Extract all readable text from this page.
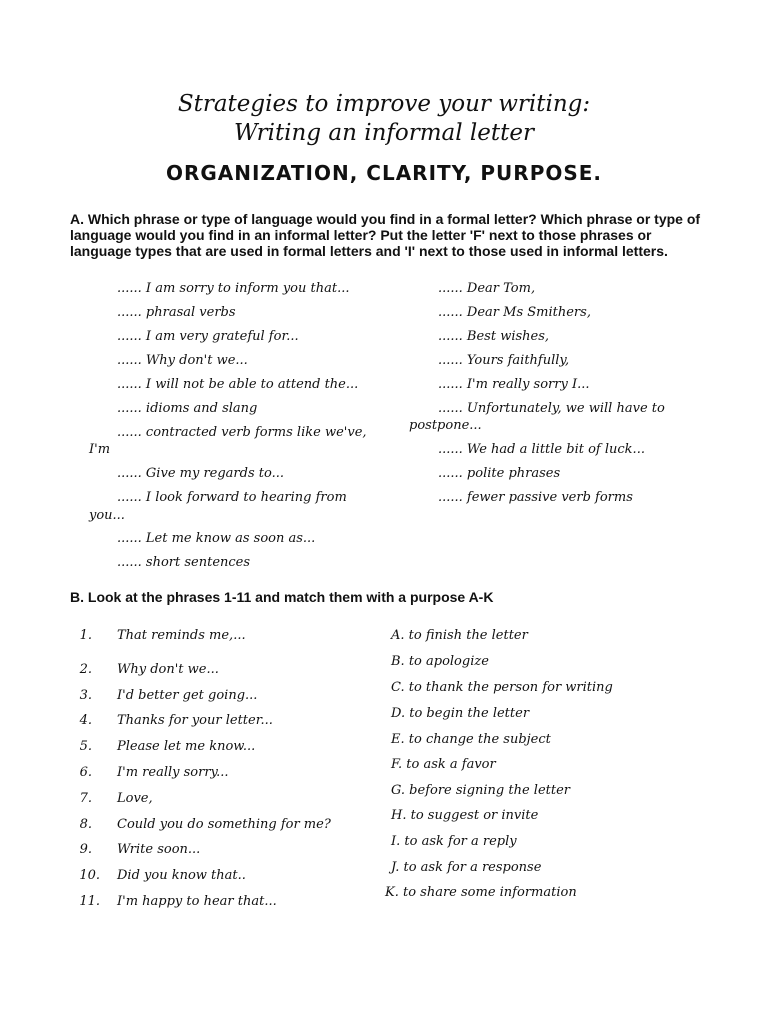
Strategies to improve your writing:
Writing an informal letter
ORGANIZATION, CLARITY, PURPOSE.
A. Which phrase or type of language would you find in a formal letter? Which phrase or type of language would you find in an informal letter? Put the letter 'F' next to those phrases or language types that are used in formal letters and 'I' next to those used in informal letters.
...... I am sorry to inform you that...
...... phrasal verbs
...... I am very grateful for...
...... Why don't we...
...... I will not be able to attend the...
...... idioms and slang
...... contracted verb forms like we've,
I'm
...... Give my regards to...
...... I look forward to hearing from
you...
...... Let me know as soon as...
...... short sentences
...... Dear Tom,
...... Dear Ms Smithers,
...... Best wishes,
...... Yours faithfully,
...... I'm really sorry I...
...... Unfortunately, we will have to
postpone...
...... We had a little bit of luck...
...... polite phrases
...... fewer passive verb forms
B. Look at the phrases 1-11 and match them with a purpose A-K
1. That reminds me,...
2. Why don't we...
3. I'd better get going...
4. Thanks for your letter...
5. Please let me know...
6. I'm really sorry...
7. Love,
8. Could you do something for me?
9. Write soon...
10. Did you know that..
11. I'm happy to hear that...
A. to finish the letter
B. to apologize
C. to thank the person for writing
D. to begin the letter
E. to change the subject
F. to ask a favor
G. before signing the letter
H. to suggest or invite
I. to ask for a reply
J. to ask for a response
K. to share some information
